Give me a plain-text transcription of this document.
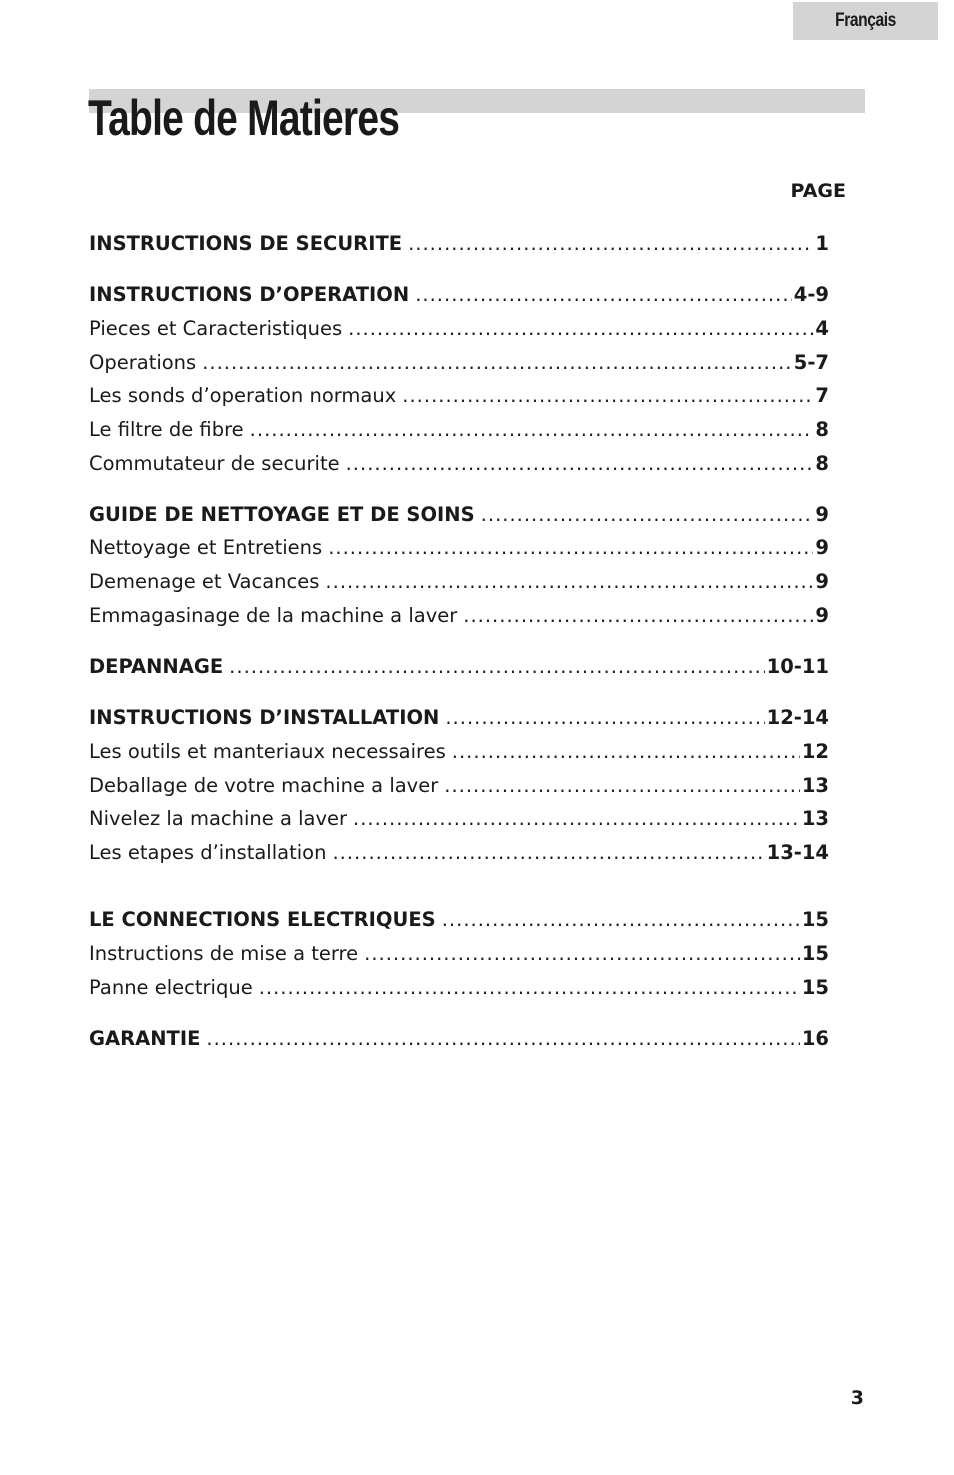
Français
Table de Matieres
PAGE
INSTRUCTIONS DE SECURITE .....	1
INSTRUCTIONS D’OPERATION .....	4-9
Pieces et Caracteristiques .....	4
Operations .....	5-7
Les sonds d’operation normaux .....	7
Le filtre de fibre .....	8
Commutateur de securite .....	8
GUIDE DE NETTOYAGE ET DE SOINS .....	9
Nettoyage et Entretiens .....	9
Demenage et Vacances .....	9
Emmagasinage de la machine a laver .....	9
DEPANNAGE .....	10-11
INSTRUCTIONS D’INSTALLATION .....	12-14
Les outils et manteriaux necessaires .....	12
Deballage de votre machine a laver .....	13
Nivelez la machine a laver .....	13
Les etapes d’installation .....	13-14
LE CONNECTIONS ELECTRIQUES .....	15
Instructions de mise a terre .....	15
Panne electrique .....	15
GARANTIE .....	16
3
